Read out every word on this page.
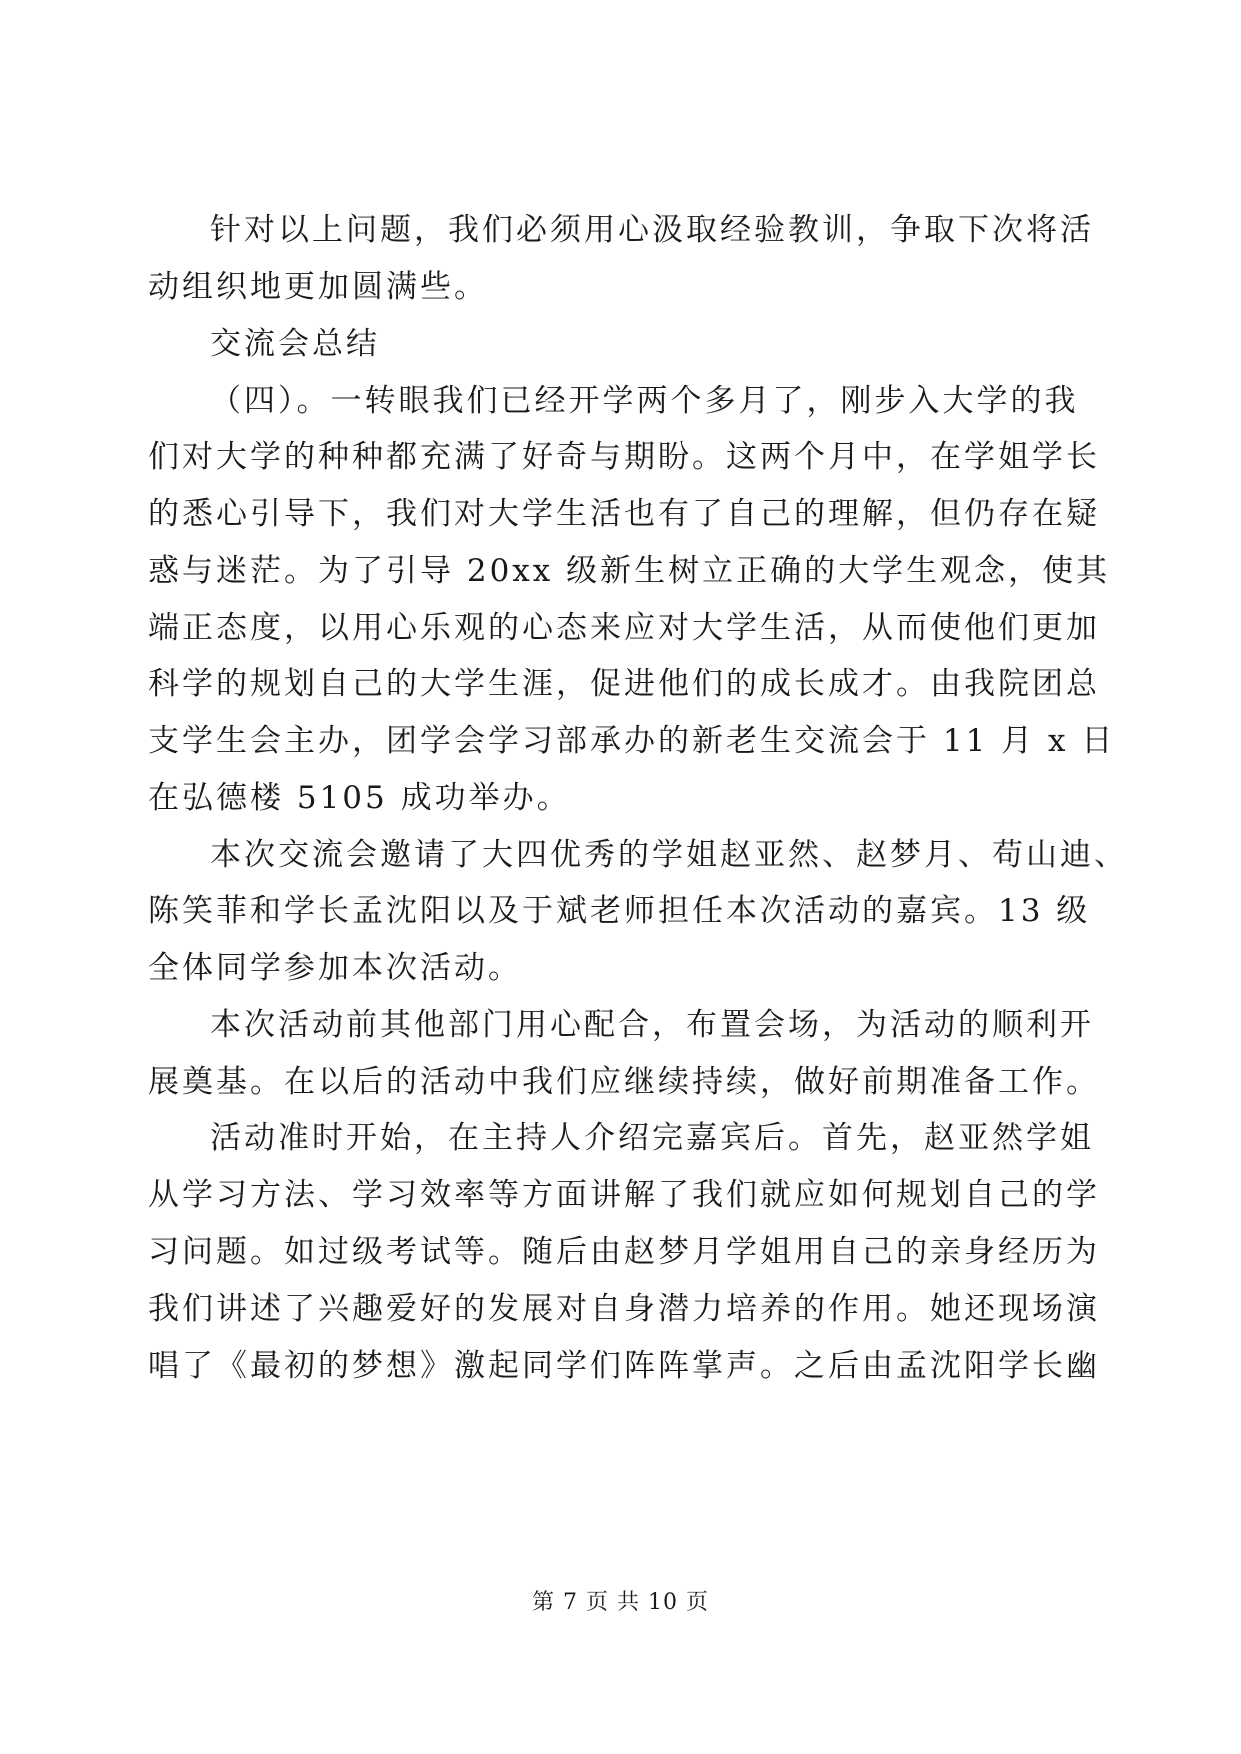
针对以上问题，我们必须用心汲取经验教训，争取下次将活
动组织地更加圆满些。
交流会总结
（四）。一转眼我们已经开学两个多月了，刚步入大学的我
们对大学的种种都充满了好奇与期盼。这两个月中，在学姐学长
的悉心引导下，我们对大学生活也有了自己的理解，但仍存在疑
惑与迷茫。为了引导 20xx 级新生树立正确的大学生观念，使其
端正态度，以用心乐观的心态来应对大学生活，从而使他们更加
科学的规划自己的大学生涯，促进他们的成长成才。由我院团总
支学生会主办，团学会学习部承办的新老生交流会于 11 月 x 日
在弘德楼 5105 成功举办。
本次交流会邀请了大四优秀的学姐赵亚然、赵梦月、苟山迪、
陈笑菲和学长孟沈阳以及于斌老师担任本次活动的嘉宾。13 级
全体同学参加本次活动。
本次活动前其他部门用心配合，布置会场，为活动的顺利开
展奠基。在以后的活动中我们应继续持续，做好前期准备工作。
活动准时开始，在主持人介绍完嘉宾后。首先，赵亚然学姐
从学习方法、学习效率等方面讲解了我们就应如何规划自己的学
习问题。如过级考试等。随后由赵梦月学姐用自己的亲身经历为
我们讲述了兴趣爱好的发展对自身潜力培养的作用。她还现场演
唱了《最初的梦想》激起同学们阵阵掌声。之后由孟沈阳学长幽
第 7 页 共 10 页
